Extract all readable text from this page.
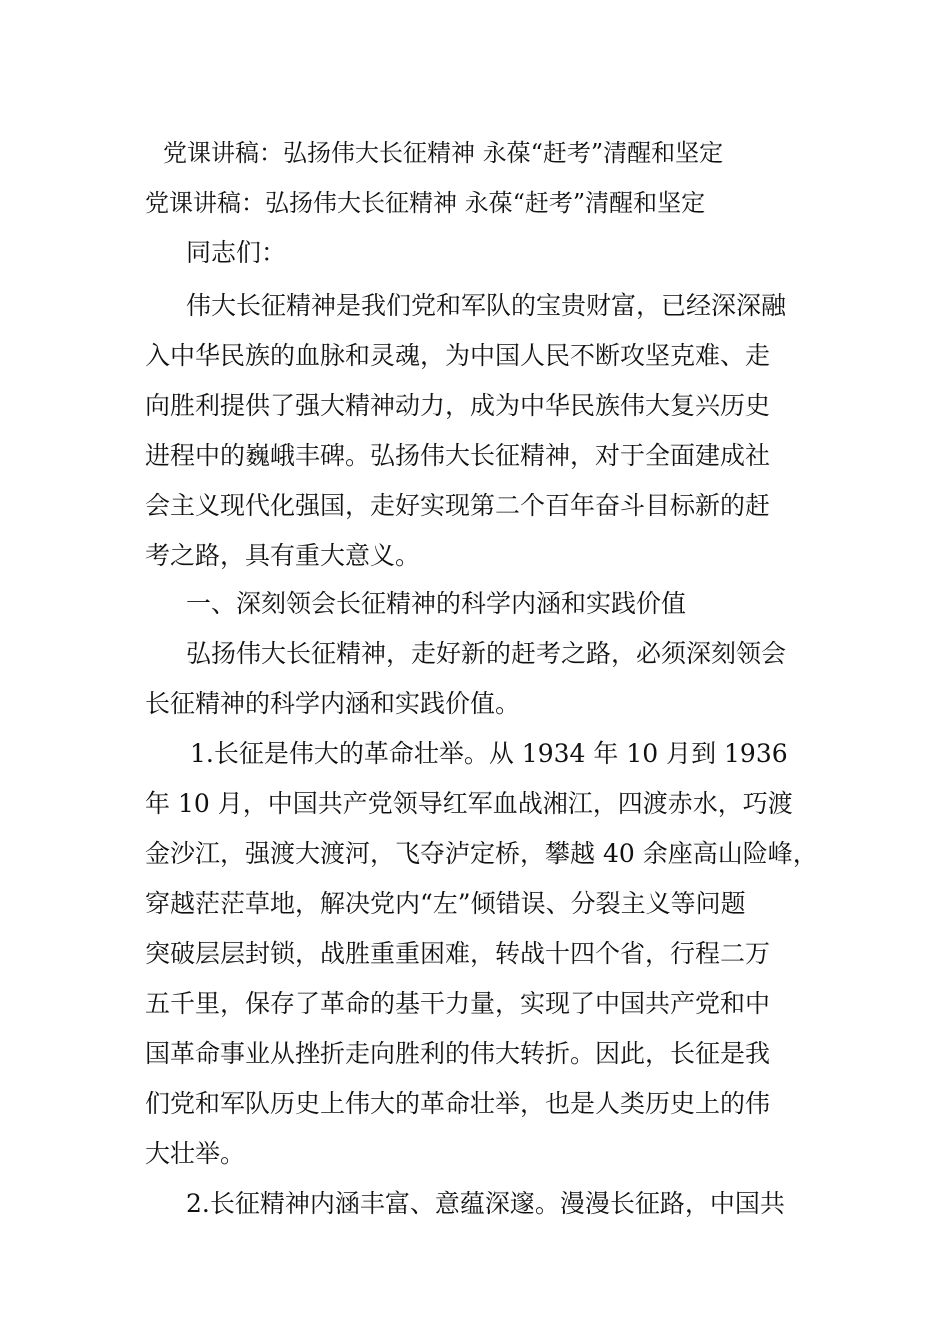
党课讲稿：弘扬伟大长征精神 永葆“赶考”清醒和坚定
党课讲稿：弘扬伟大长征精神 永葆“赶考”清醒和坚定
同志们：
伟大长征精神是我们党和军队的宝贵财富，已经深深融
入中华民族的血脉和灵魂，为中国人民不断攻坚克难、走
向胜利提供了强大精神动力，成为中华民族伟大复兴历史
进程中的巍峨丰碑。弘扬伟大长征精神，对于全面建成社
会主义现代化强国，走好实现第二个百年奋斗目标新的赶
考之路，具有重大意义。
一、深刻领会长征精神的科学内涵和实践价值
弘扬伟大长征精神，走好新的赶考之路，必须深刻领会
长征精神的科学内涵和实践价值。
1.长征是伟大的革命壮举。从 1934 年 10 月到 1936
年 10 月，中国共产党领导红军血战湘江，四渡赤水，巧渡
金沙江，强渡大渡河，飞夺泸定桥，攀越 40 余座高山险峰，
穿越茫茫草地，解决党内“左”倾错误、分裂主义等问题
突破层层封锁，战胜重重困难，转战十四个省，行程二万
五千里，保存了革命的基干力量，实现了中国共产党和中
国革命事业从挫折走向胜利的伟大转折。因此，长征是我
们党和军队历史上伟大的革命壮举，也是人类历史上的伟
大壮举。
2.长征精神内涵丰富、意蕴深邃。漫漫长征路，中国共
